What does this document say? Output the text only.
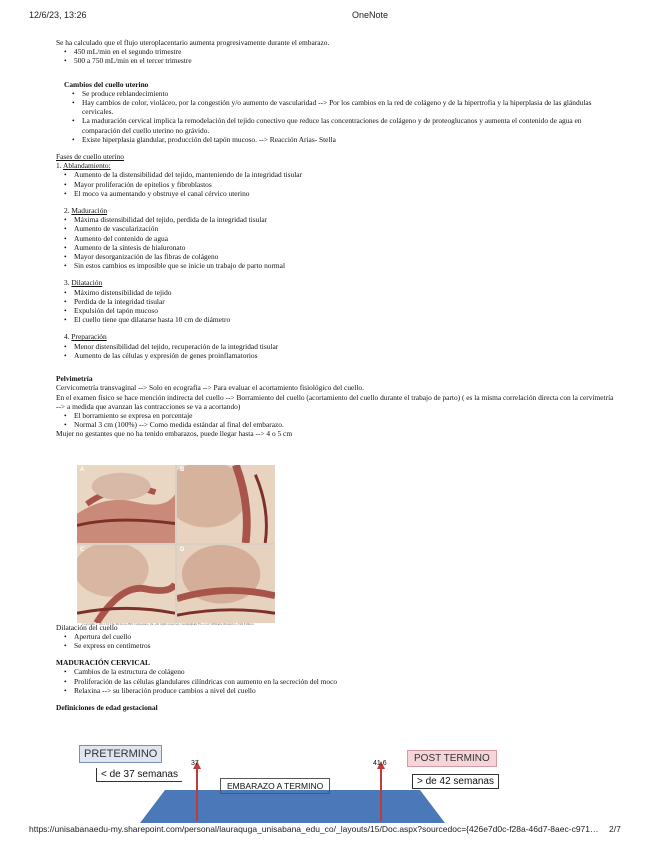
12/6/23, 13:26	OneNote

Se ha calculado que el flujo uteroplacentario aumenta progresivamente durante el embarazo.

• 450 mL/min en el segundo trimestre
• 500 a 750 mL/min en el tercer trimestre

Cambios del cuello uterino

• Se produce reblandecimiento
• Hay cambios de color, violáceo, por la congestión y/o aumento de vascularidad --> Por los cambios en la red de colágeno y de la hipertrofia y la hiperplasia de las glándulas cervicales.
• La maduración cervical implica la remodelación del tejido conectivo que reduce las concentraciones de colágeno y de proteoglucanos y aumenta el contenido de agua en comparación del cuello uterino no grávido.
• Existe hiperplasia glandular, producción del tapón mucoso. --> Reacción Arias- Stella

Fases de cuello uterino

1. Ablandamiento:

• Aumento de la distensibilidad del tejido, manteniendo de la integridad tisular
• Mayor proliferación de epitelios y fibroblastos
• El moco va aumentando y obstruye el canal cérvico uterino

2. Maduración

• Máxima distensibilidad del tejido, perdida de la integridad tisular
• Aumento de vascularización
• Aumento del contenido de agua
• Aumento de la síntesis de hialuronato
• Mayor desorganización de las fibras de colágeno
• Sin estos cambios es imposible que se inicie un trabajo de parto normal

3. Dilatación

• Máximo distensibilidad de tejido
• Perdida de la integridad tisular
• Expulsión del tapón mucoso
• El cuello tiene que dilatarse hasta 10 cm de diámetro

4. Preparación

• Menor distensibilidad del tejido, recuperación de la integridad tisular
• Aumento de las células y expresión de genes proinflamatorios

Pelvimetría

Cervicometría transvaginal --> Solo en ecografía --> Para evaluar el acortamiento fisiológico del cuello.

En el examen físico se hace mención indirecta del cuello --> Borramiento del cuello (acortamiento del cuello durante el trabajo de parto) ( es la misma correlación directa con la cervimetría --> a medida que avanzan las contracciones se va a acortando)

• El borramiento se expresa en porcentaje
• Normal 3 cm (100%) --> Como medida estándar al final del embarazo.

Mujer no gestantes que no ha tenido embarazos, puede llegar hasta --> 4 o 5 cm

Dilatación del cuello

• Apertura del cuello
• Se express en centímetros

MADURACIÓN CERVICAL

• Cambios de la estructura de colágeno
• Proliferación de las células glandulares cilíndricas con aumento en la secreción del moco
• Relaxina --> su liberación produce cambios a nivel del cuello

Definiciones de edad gestacional

A	B
C	D
Copyright © 2011 by The McGraw-Hill Companies, Inc. All rights reserved. Cunningham FG, et al: Williams Obstetrics, 23rd Edition
PRETERMINO
< de 37 semanas
37
EMBARAZO A TERMINO
41,6	POST TERMINO
> de 42 semanas
https://unisabanaedu-my.sharepoint.com/personal/lauraquga_unisabana_edu_co/_layouts/15/Doc.aspx?sourcedoc={426e7d0c-f28a-46d7-8aec-c971… 2/7
